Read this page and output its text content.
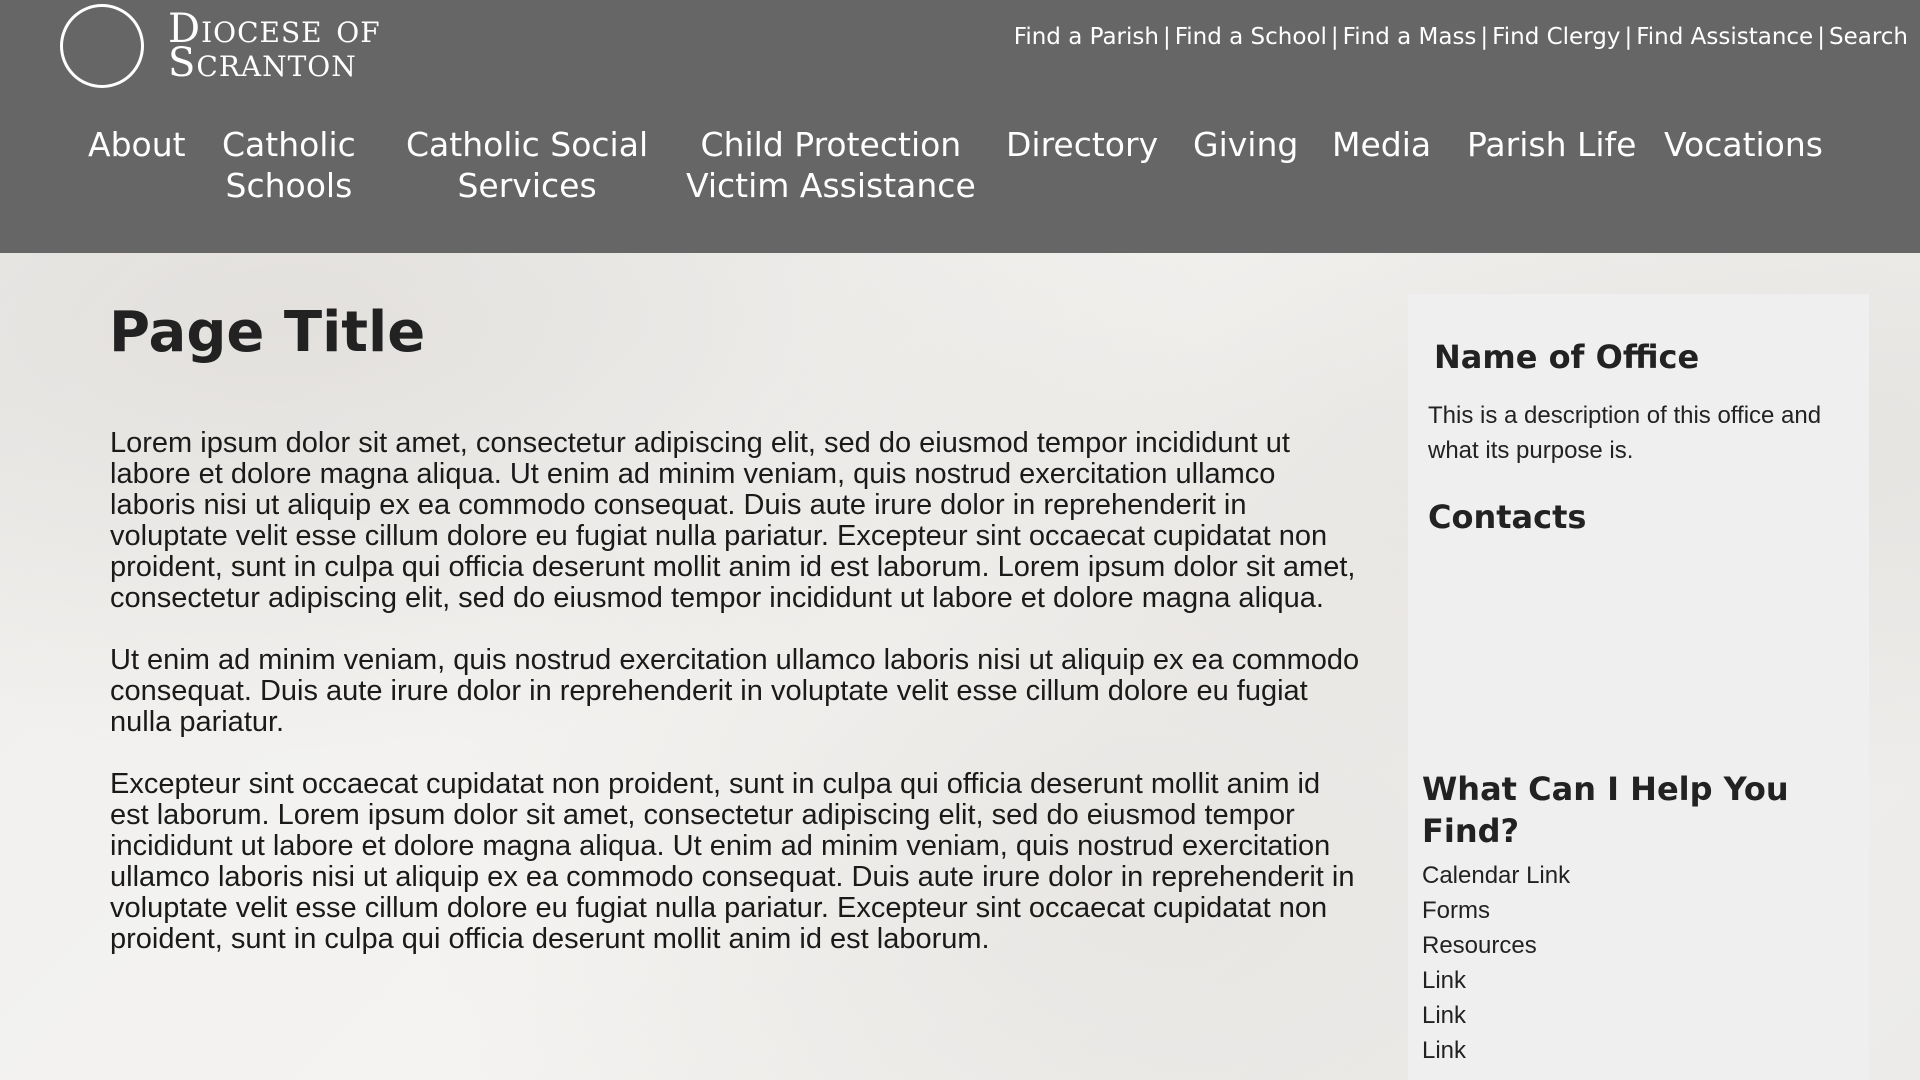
Diocese of
Scranton
Find a Parish | Find a School | Find a Mass | Find Clergy | Find Assistance | Search
About Catholic
Schools
Catholic Social
Services
Child Protection
Victim Assistance
Directory Giving Media Parish Life Vocations
Page Title

Lorem ipsum dolor sit amet, consectetur adipiscing elit, sed do eiusmod tempor incididunt ut labore et dolore magna aliqua. Ut enim ad minim veniam, quis nostrud exercitation ullamco laboris nisi ut aliquip ex ea commodo consequat. Duis aute irure dolor in reprehenderit in voluptate velit esse cillum dolore eu fugiat nulla pariatur. Excepteur sint occaecat cupidatat non proident, sunt in culpa qui officia deserunt mollit anim id est laborum. Lorem ipsum dolor sit amet, consectetur adipiscing elit, sed do eiusmod tempor incididunt ut labore et dolore magna aliqua.

Ut enim ad minim veniam, quis nostrud exercitation ullamco laboris nisi ut aliquip ex ea commodo consequat. Duis aute irure dolor in reprehenderit in voluptate velit esse cillum dolore eu fugiat nulla pariatur.

Excepteur sint occaecat cupidatat non proident, sunt in culpa qui officia deserunt mollit anim id est laborum. Lorem ipsum dolor sit amet, consectetur adipiscing elit, sed do eiusmod tempor incididunt ut labore et dolore magna aliqua. Ut enim ad minim veniam, quis nostrud exercitation ullamco laboris nisi ut aliquip ex ea commodo consequat. Duis aute irure dolor in reprehenderit in voluptate velit esse cillum dolore eu fugiat nulla pariatur. Excepteur sint occaecat cupidatat non proident, sunt in culpa qui officia deserunt mollit anim id est laborum.

Name of Office
This is a description of this office and what its purpose is.
Contacts
What Can I Help You Find?
Calendar Link
Forms
Resources
Link
Link
Link
